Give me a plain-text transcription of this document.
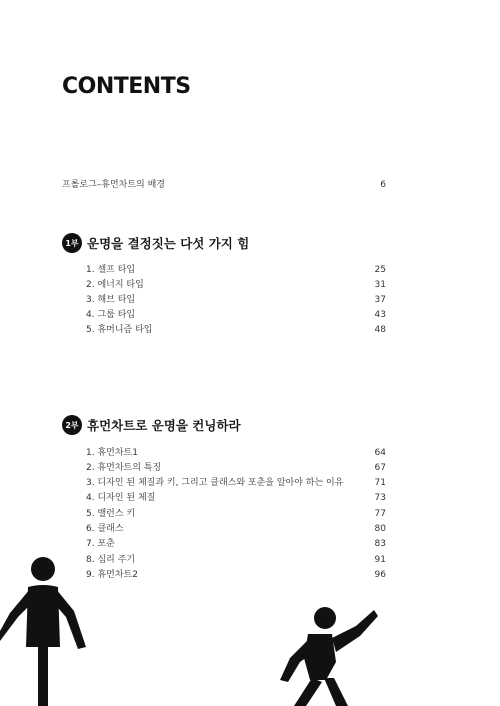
CONTENTS
프롤로그–휴먼차트의 배경	6
1부 운명을 결정짓는 다섯 가지 힘
1. 셀프 타입	25
2. 에너지 타입	31
3. 해브 타입	37
4. 그룹 타입	43
5. 휴머니즘 타입	48
2부 휴먼차트로 운명을 컨닝하라
1. 휴먼차트1	64
2. 휴먼차트의 특징	67
3. 디자인 된 체질과 키, 그리고 클래스와 포춘을 알아야 하는 이유	71
4. 디자인 된 체질	73
5. 밸런스 키	77
6. 클래스	80
7. 포춘	83
8. 심리 주기	91
9. 휴먼차트2	96
